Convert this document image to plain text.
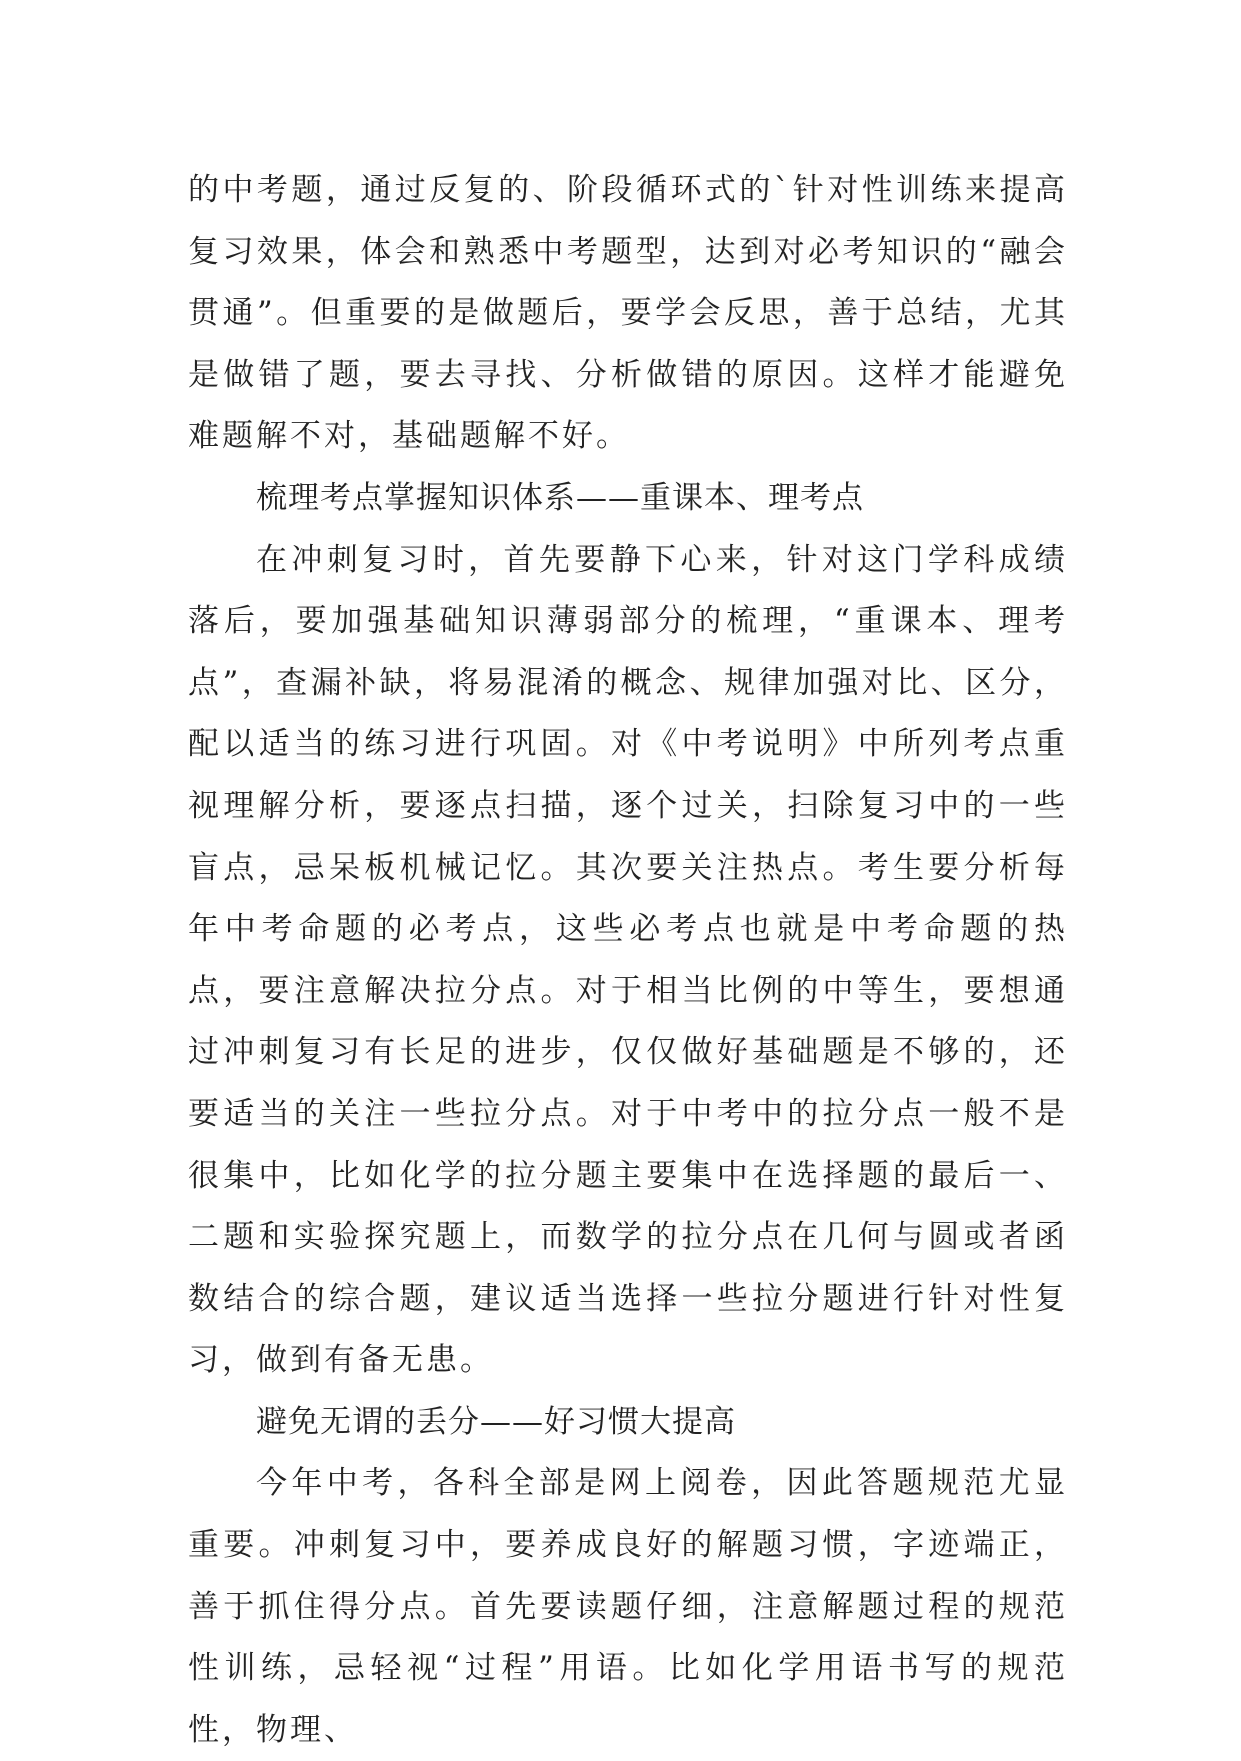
的中考题，通过反复的、阶段循环式的`针对性训练来提高复习效果，体会和熟悉中考题型，达到对必考知识的“融会贯通”。但重要的是做题后，要学会反思，善于总结，尤其是做错了题，要去寻找、分析做错的原因。这样才能避免难题解不对，基础题解不好。

梳理考点掌握知识体系——重课本、理考点

在冲刺复习时，首先要静下心来，针对这门学科成绩落后，要加强基础知识薄弱部分的梳理，“重课本、理考点”，查漏补缺，将易混淆的概念、规律加强对比、区分，配以适当的练习进行巩固。对《中考说明》中所列考点重视理解分析，要逐点扫描，逐个过关，扫除复习中的一些盲点，忌呆板机械记忆。其次要关注热点。考生要分析每年中考命题的必考点，这些必考点也就是中考命题的热点，要注意解决拉分点。对于相当比例的中等生，要想通过冲刺复习有长足的进步，仅仅做好基础题是不够的，还要适当的关注一些拉分点。对于中考中的拉分点一般不是很集中，比如化学的拉分题主要集中在选择题的最后一、二题和实验探究题上，而数学的拉分点在几何与圆或者函数结合的综合题，建议适当选择一些拉分题进行针对性复习，做到有备无患。

避免无谓的丢分——好习惯大提高

今年中考，各科全部是网上阅卷，因此答题规范尤显重要。冲刺复习中，要养成良好的解题习惯，字迹端正，善于抓住得分点。首先要读题仔细，注意解题过程的规范性训练，忌轻视“过程”用语。比如化学用语书写的规范性，物理、
